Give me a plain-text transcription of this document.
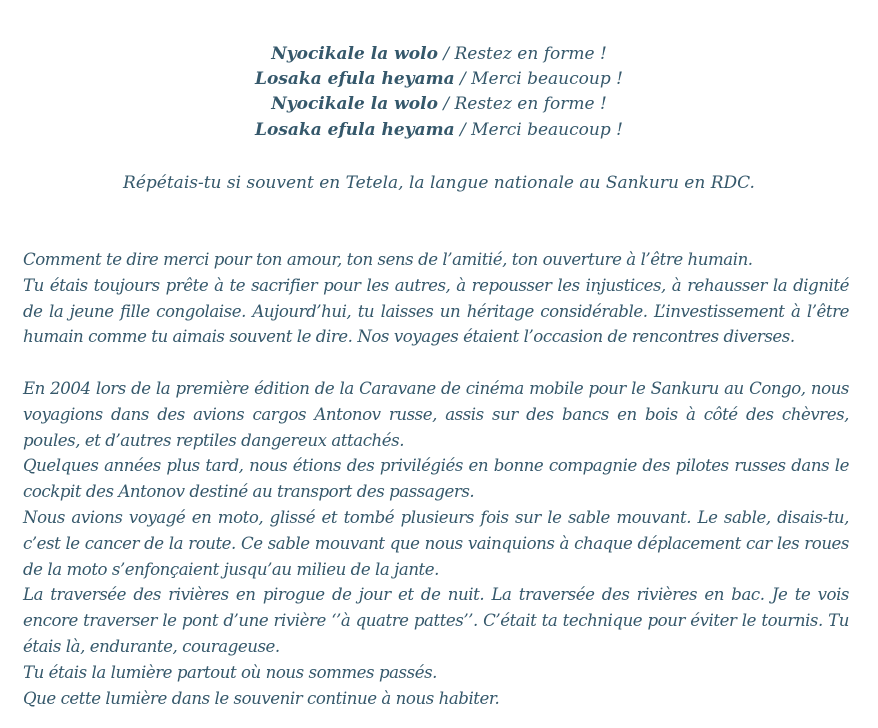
Nyocikale la wolo / Restez en forme !

Losaka efula heyama / Merci beaucoup !

Nyocikale la wolo / Restez en forme !

Losaka efula heyama / Merci beaucoup !

Répétais-tu si souvent en Tetela, la langue nationale au Sankuru en RDC.

Comment te dire merci pour ton amour, ton sens de l’amitié, ton ouverture à l’être humain.

Tu étais toujours prête à te sacrifier pour les autres, à repousser les injustices, à rehausser la dignité de la jeune fille congolaise. Aujourd’hui, tu laisses un héritage considérable. L’investissement à l’être humain comme tu aimais souvent le dire. Nos voyages étaient l’occasion de rencontres diverses.

En 2004 lors de la première édition de la Caravane de cinéma mobile pour le Sankuru au Congo, nous voyagions dans des avions cargos Antonov russe, assis sur des bancs en bois à côté des chèvres, poules, et d’autres reptiles dangereux attachés.

Quelques années plus tard, nous étions des privilégiés en bonne compagnie des pilotes russes dans le cockpit des Antonov destiné au transport des passagers.

Nous avions voyagé en moto, glissé et tombé plusieurs fois sur le sable mouvant. Le sable, disais-tu, c’est le cancer de la route. Ce sable mouvant que nous vainquions à chaque déplacement car les roues de la moto s’enfonçaient jusqu’au milieu de la jante.

La traversée des rivières en pirogue de jour et de nuit. La traversée des rivières en bac. Je te vois encore traverser le pont d’une rivière ‘’à quatre pattes’’. C’était ta technique pour éviter le tournis. Tu étais là, endurante, courageuse.

Tu étais la lumière partout où nous sommes passés.

Que cette lumière dans le souvenir continue à nous habiter.
